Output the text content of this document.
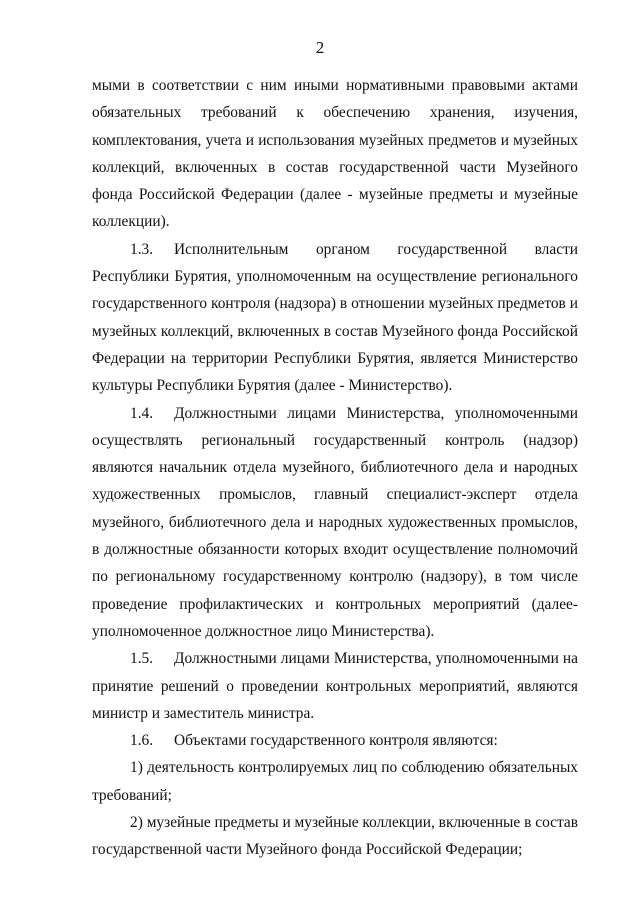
2

мыми в соответствии с ним иными нормативными правовыми актами обязательных требований к обеспечению хранения, изучения, комплектования, учета и использования музейных предметов и музейных коллекций, включенных в состав государственной части Музейного фонда Российской Федерации (далее - музейные предметы и музейные коллекции).

1.3. Исполнительным органом государственной власти Республики Бурятия, уполномоченным на осуществление регионального государственного контроля (надзора) в отношении музейных предметов и музейных коллекций, включенных в состав Музейного фонда Российской Федерации на территории Республики Бурятия, является Министерство культуры Республики Бурятия (далее - Министерство).

1.4. Должностными лицами Министерства, уполномоченными осуществлять региональный государственный контроль (надзор) являются начальник отдела музейного, библиотечного дела и народных художественных промыслов, главный специалист-эксперт отдела музейного, библиотечного дела и народных художественных промыслов, в должностные обязанности которых входит осуществление полномочий по региональному государственному контролю (надзору), в том числе проведение профилактических и контрольных мероприятий (далее-уполномоченное должностное лицо Министерства).

1.5. Должностными лицами Министерства, уполномоченными на принятие решений о проведении контрольных мероприятий, являются министр и заместитель министра.

1.6. Объектами государственного контроля являются:

1) деятельность контролируемых лиц по соблюдению обязательных требований;

2) музейные предметы и музейные коллекции, включенные в состав государственной части Музейного фонда Российской Федерации;
